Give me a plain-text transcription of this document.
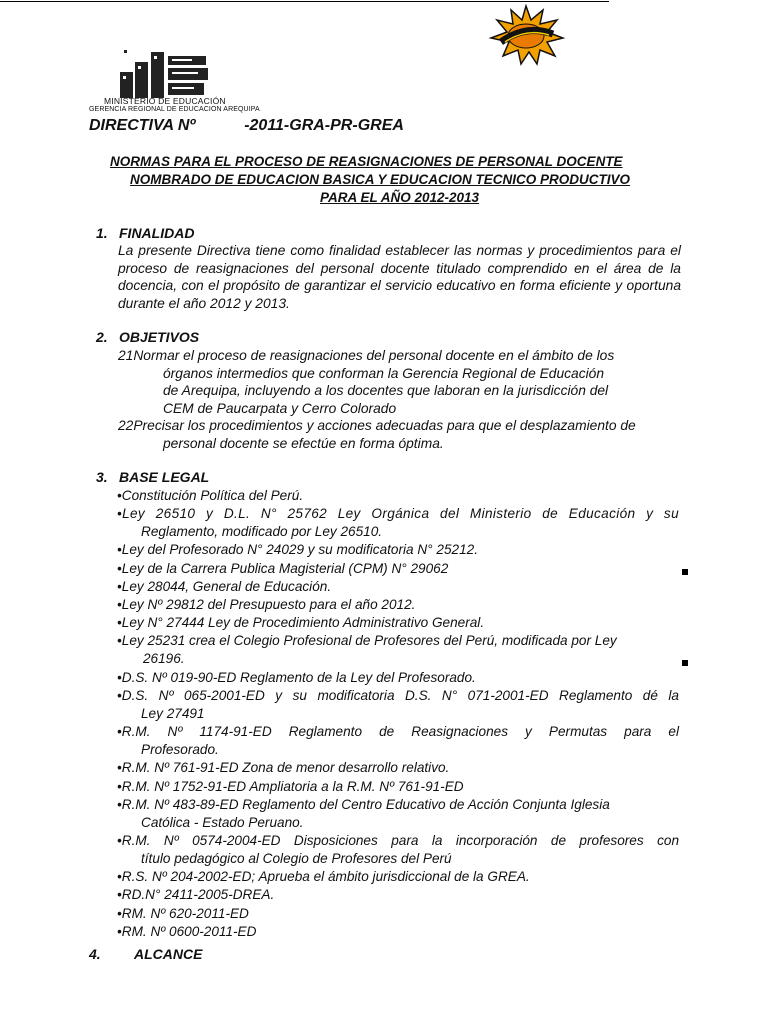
MINISTERIO DE EDUCACIÓN
GERENCIA REGIONAL DE EDUCACION AREQUIPA
DIRECTIVA Nº           -2011-GRA-PR-GREA
NORMAS PARA EL PROCESO DE REASIGNACIONES DE PERSONAL DOCENTE
NOMBRADO DE EDUCACION BASICA Y EDUCACION TECNICO PRODUCTIVO
PARA EL AÑO 2012-2013
1. FINALIDAD
La presente Directiva tiene como finalidad establecer las normas y procedimientos para el proceso de reasignaciones del personal docente titulado comprendido en el área de la docencia, con el propósito de garantizar el servicio educativo en forma eficiente y oportuna durante el año 2012 y 2013.
2. OBJETIVOS
21Normar el proceso de reasignaciones del personal docente en el ámbito de los
órganos intermedios que conforman la Gerencia Regional de Educación
de Arequipa, incluyendo a los docentes que laboran en la jurisdicción del
CEM de Paucarpata y Cerro Colorado
22Precisar los procedimientos y acciones adecuadas para que el desplazamiento de
personal docente se efectúe en forma óptima.
3. BASE LEGAL
•Constitución Política del Perú.
•Ley 26510 y D.L. N° 25762 Ley Orgánica del Ministerio de Educación y su
Reglamento, modificado por Ley 26510.
•Ley del Profesorado N° 24029 y su modificatoria N° 25212.
•Ley de la Carrera Publica Magisterial (CPM) N° 29062
•Ley 28044, General de Educación.
•Ley Nº 29812 del Presupuesto para el año 2012.
•Ley N° 27444 Ley de Procedimiento Administrativo General.
•Ley 25231 crea el Colegio Profesional de Profesores del Perú, modificada por Ley
26196.
•D.S. Nº 019-90-ED Reglamento de la Ley del Profesorado.
•D.S. Nº 065-2001-ED y su modificatoria D.S. N° 071-2001-ED Reglamento dé la
Ley 27491
•R.M. Nº 1174-91-ED Reglamento de Reasignaciones y Permutas para el
Profesorado.
•R.M. Nº 761-91-ED Zona de menor desarrollo relativo.
•R.M. Nº 1752-91-ED Ampliatoria a la R.M. Nº 761-91-ED
•R.M. Nº 483-89-ED Reglamento del Centro Educativo de Acción Conjunta Iglesia
Católica - Estado Peruano.
•R.M. Nº 0574-2004-ED Disposiciones para la incorporación de profesores con
título pedagógico al Colegio de Profesores del Perú
•R.S. Nº 204-2002-ED; Aprueba el ámbito jurisdiccional de la GREA.
•RD.N° 2411-2005-DREA.
•RM. Nº 620-2011-ED
•RM. Nº 0600-2011-ED
4. ALCANCE
